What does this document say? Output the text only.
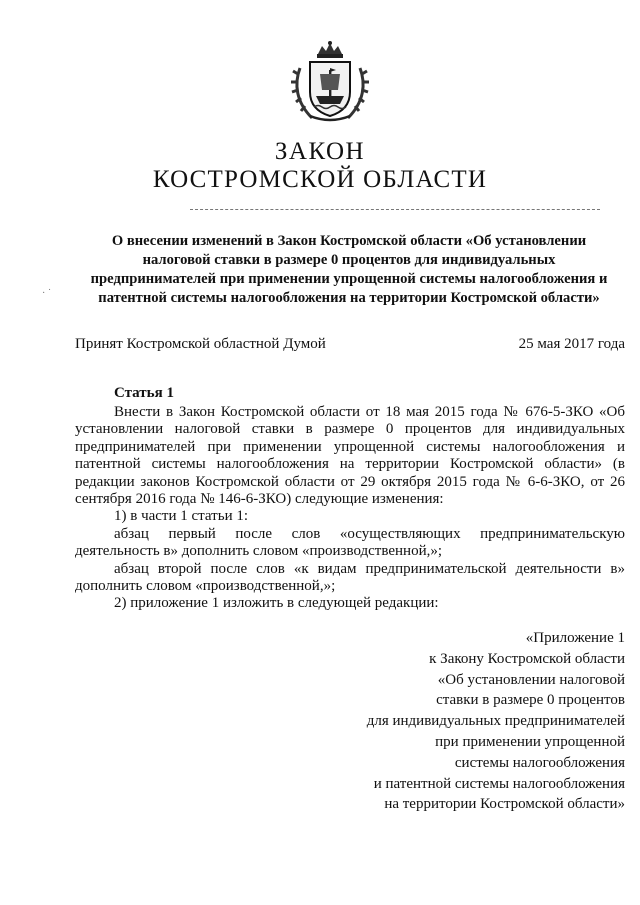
ЗАКОН
КОСТРОМСКОЙ ОБЛАСТИ
О внесении изменений в Закон Костромской области «Об установлении
налоговой ставки в размере 0 процентов для индивидуальных
предпринимателей при применении упрощенной системы налогообложения и
патентной системы налогообложения на территории Костромской области»
· ˙
Принят Костромской областной Думой	25 мая 2017 года
Статья 1

Внести в Закон Костромской области от 18 мая 2015 года № 676-5-ЗКО «Об установлении налоговой ставки в размере 0 процентов для индивидуальных предпринимателей при применении упрощенной системы налогообложения и патентной системы налогообложения на территории Костромской области» (в редакции законов Костромской области от 29 октября 2015 года № 6-6-ЗКО, от 26 сентября 2016 года № 146-6-ЗКО) следующие изменения:

1) в части 1 статьи 1:

абзац первый после слов «осуществляющих предпринимательскую деятельность в» дополнить словом «производственной,»;

абзац второй после слов «к видам предпринимательской деятельности в» дополнить словом «производственной,»;

2) приложение 1 изложить в следующей редакции:

«Приложение 1
к Закону Костромской области
«Об установлении налоговой
ставки в размере 0 процентов
для индивидуальных предпринимателей
при применении упрощенной
системы налогообложения
и патентной системы налогообложения
на территории Костромской области»
